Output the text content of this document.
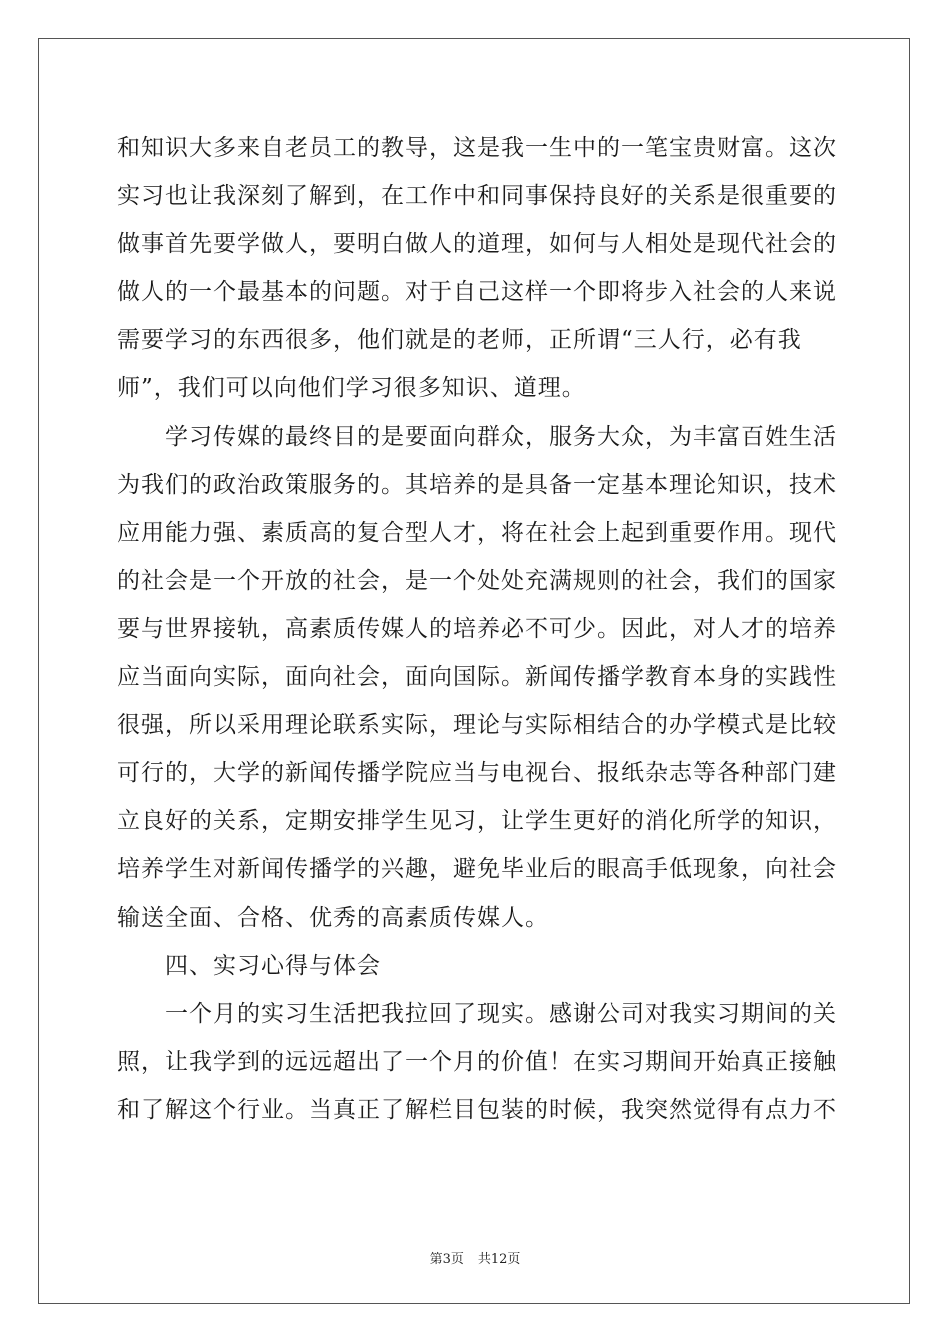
和知识大多来自老员工的教导，这是我一生中的一笔宝贵财富。这次
实习也让我深刻了解到，在工作中和同事保持良好的关系是很重要的
做事首先要学做人，要明白做人的道理，如何与人相处是现代社会的
做人的一个最基本的问题。对于自己这样一个即将步入社会的人来说
需要学习的东西很多，他们就是的老师，正所谓“三人行，必有我
师”，我们可以向他们学习很多知识、道理。
学习传媒的最终目的是要面向群众，服务大众，为丰富百姓生活
为我们的政治政策服务的。其培养的是具备一定基本理论知识，技术
应用能力强、素质高的复合型人才，将在社会上起到重要作用。现代
的社会是一个开放的社会，是一个处处充满规则的社会，我们的国家
要与世界接轨，高素质传媒人的培养必不可少。因此，对人才的培养
应当面向实际，面向社会，面向国际。新闻传播学教育本身的实践性
很强，所以采用理论联系实际，理论与实际相结合的办学模式是比较
可行的，大学的新闻传播学院应当与电视台、报纸杂志等各种部门建
立良好的关系，定期安排学生见习，让学生更好的消化所学的知识，
培养学生对新闻传播学的兴趣，避免毕业后的眼高手低现象，向社会
输送全面、合格、优秀的高素质传媒人。
四、实习心得与体会
一个月的实习生活把我拉回了现实。感谢公司对我实习期间的关
照，让我学到的远远超出了一个月的价值！在实习期间开始真正接触
和了解这个行业。当真正了解栏目包装的时候，我突然觉得有点力不
第3页 共12页
